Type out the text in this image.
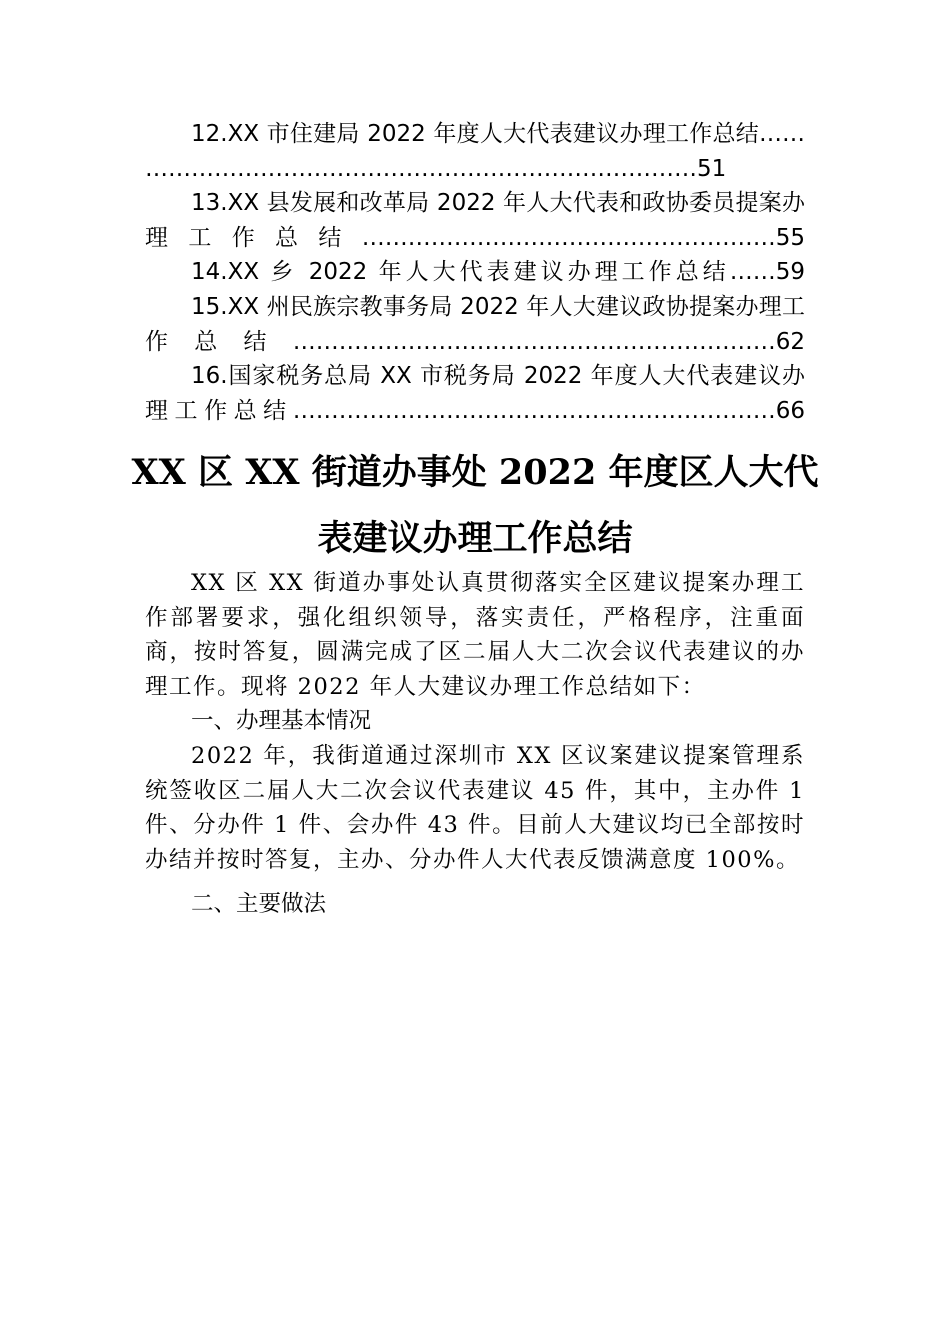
12.XX 市住建局 2022 年度人大代表建议办理工作总结……………………………………………………………………51
13.XX 县发展和改革局 2022 年人大代表和政协委员提案办理工作总结………………………………………………55
14.XX 乡 2022 年人大代表建议办理工作总结……59
15.XX 州民族宗教事务局 2022 年人大建议政协提案办理工作总结………………………………………………………62
16.国家税务总局 XX 市税务局 2022 年度人大代表建议办理工作总结………………………………………………………66
XX 区 XX 街道办事处 2022 年度区人大代
表建议办理工作总结
XX 区 XX 街道办事处认真贯彻落实全区建议提案办理工作部署要求，强化组织领导，落实责任，严格程序，注重面商，按时答复，圆满完成了区二届人大二次会议代表建议的办理工作。现将 2022 年人大建议办理工作总结如下：
一、办理基本情况
2022 年，我街道通过深圳市 XX 区议案建议提案管理系统签收区二届人大二次会议代表建议 45 件，其中，主办件 1 件、分办件 1 件、会办件 43 件。目前人大建议均已全部按时办结并按时答复，主办、分办件人大代表反馈满意度 100%。
二、主要做法
